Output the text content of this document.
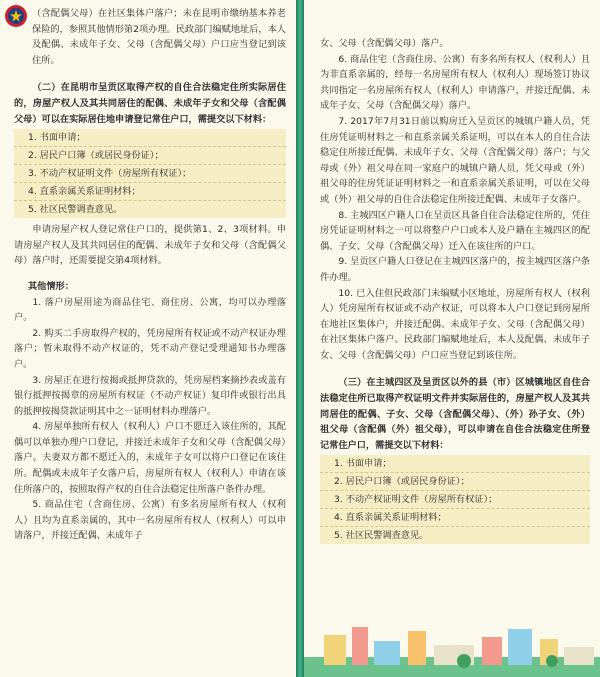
（含配偶父母）在社区集体户落户；未在昆明市缴纳基本养老保险的，参照其他情形第2项办理。民政部门编赋地址后，本人及配偶、未成年子女、父母（含配偶父母）户口应当登记到该住所。

（二）在昆明市呈贡区取得产权的自住合法稳定住所实际居住的，房屋产权人及其共同居住的配偶、未成年子女和父母（含配偶父母）可以在实际居住地申请登记常住户口，需提交以下材料：

1. 书面申请；
2. 居民户口簿（或居民身份证）；
3. 不动产权证明文件（房屋所有权证）；
4. 直系亲属关系证明材料；
5. 社区民警调查意见。

申请房屋产权人登记常住户口的，提供第1、2、3项材料。申请房屋产权人及其共同居住的配偶、未成年子女和父母（含配偶父母）落户时，还需要提交第4项材料。

其他情形：

1. 落户房屋用途为商品住宅、商住房、公寓，均可以办理落户。

2. 购买二手房取得产权的，凭房屋所有权证或不动产权证办理落户；暂未取得不动产权证的，凭不动产登记受理通知书办理落户。

3. 房屋正在进行按揭或抵押贷款的，凭房屋档案摘抄表或盖有银行抵押按揭章的房屋所有权证（不动产权证）复印件或银行出具的抵押按揭贷款证明其中之一证明材料办理落户。

4. 房屋单独所有权人（权利人）户口不愿迁入该住所的，其配偶可以单独办理户口登记，并接迁未成年子女和父母（含配偶父母）落户。夫妻双方都不愿迁入的，未成年子女可以将户口登记在该住所。配偶或未成年子女落户后，房屋所有权人（权利人）申请在该住所落户的，按照取得产权的自住合法稳定住所落户条件办理。

5. 商品住宅（含商住房、公寓）有多名房屋所有权人（权利人）且均为直系亲属的，其中一名房屋所有权人（权利人）可以申请落户，并接迁配偶、未成年子

女、父母（含配偶父母）落户。

6. 商品住宅（含商住房、公寓）有多名所有权人（权利人）且为非直系亲属的，经每一名房屋所有权人（权利人）现场签订协议共同指定一名房屋所有权人（权利人）申请落户，并接迁配偶、未成年子女、父母（含配偶父母）落户。

7. 2017年7月31日前以购房迁入呈贡区的城镇户籍人员，凭住房凭证明材料之一和直系亲属关系证明，可以在本人的自住合法稳定住所接迁配偶、未成年子女、父母（含配偶父母）落户；与父母或（外）祖父母在同一家庭户的城镇户籍人员，凭父母或（外）祖父母的住房凭证证明材料之一和直系亲属关系证明，可以在父母或（外）祖父母的自住合法稳定住所接迁配偶、未成年子女落户。

8. 主城四区户籍人口在呈贡区具备自住合法稳定住所的，凭住房凭证证明材料之一可以将整户户口或本人及户籍在主城四区的配偶、子女、父母（含配偶父母）迁入在该住所的户口。

9. 呈贡区户籍人口登记在主城四区落户的，按主城四区落户条件办理。

10. 已入住但民政部门未编赋小区地址，房屋所有权人（权利人）凭房屋所有权证或不动产权证，可以将本人户口登记到房屋所在地社区集体户，并接迁配偶、未成年子女、父母（含配偶父母）在社区集体户落户。民政部门编赋地址后，本人及配偶、未成年子女、父母（含配偶父母）户口应当登记到该住所。

（三）在主城四区及呈贡区以外的县（市）区城镇地区自住合法稳定住所已取得产权证明文件并实际居住的，房屋产权人及其共同居住的配偶、子女、父母（含配偶父母）、（外）孙子女、（外）祖父母（含配偶（外）祖父母），可以申请在自住合法稳定住所登记常住户口，需提交以下材料：

1. 书面申请；
2. 居民户口簿（或居民身份证）；
3. 不动产权证明文件（房屋所有权证）；
4. 直系亲属关系证明材料；
5. 社区民警调查意见。
